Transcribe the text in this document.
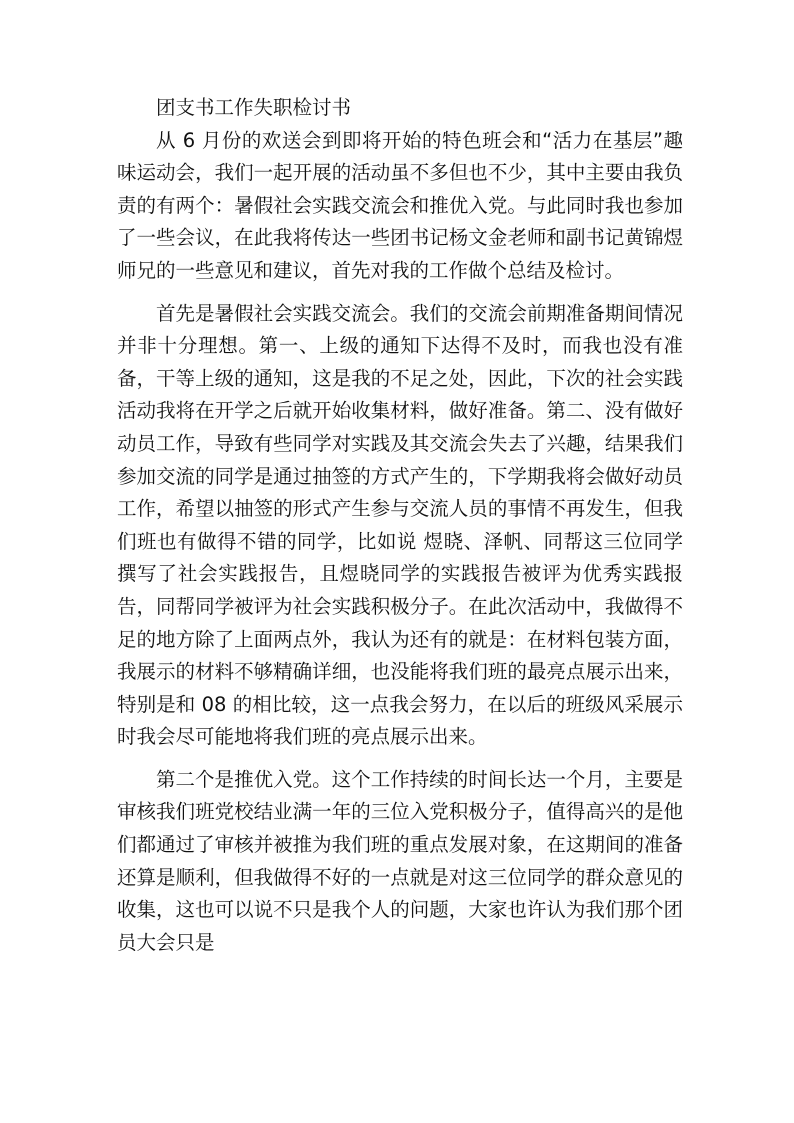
团支书工作失职检讨书

从 6 月份的欢送会到即将开始的特色班会和“活力在基层”趣味运动会，我们一起开展的活动虽不多但也不少，其中主要由我负责的有两个：暑假社会实践交流会和推优入党。与此同时我也参加了一些会议，在此我将传达一些团书记杨文金老师和副书记黄锦煜师兄的一些意见和建议，首先对我的工作做个总结及检讨。

首先是暑假社会实践交流会。我们的交流会前期准备期间情况并非十分理想。第一、上级的通知下达得不及时，而我也没有准备，干等上级的通知，这是我的不足之处，因此，下次的社会实践活动我将在开学之后就开始收集材料，做好准备。第二、没有做好动员工作，导致有些同学对实践及其交流会失去了兴趣，结果我们参加交流的同学是通过抽签的方式产生的，下学期我将会做好动员工作，希望以抽签的形式产生参与交流人员的事情不再发生，但我们班也有做得不错的同学，比如说 煜晓、泽帆、同帮这三位同学撰写了社会实践报告，且煜晓同学的实践报告被评为优秀实践报告，同帮同学被评为社会实践积极分子。在此次活动中，我做得不足的地方除了上面两点外，我认为还有的就是：在材料包装方面，我展示的材料不够精确详细，也没能将我们班的最亮点展示出来，特别是和 08 的相比较，这一点我会努力，在以后的班级风采展示时我会尽可能地将我们班的亮点展示出来。

第二个是推优入党。这个工作持续的时间长达一个月，主要是审核我们班党校结业满一年的三位入党积极分子，值得高兴的是他们都通过了审核并被推为我们班的重点发展对象，在这期间的准备还算是顺利，但我做得不好的一点就是对这三位同学的群众意见的收集，这也可以说不只是我个人的问题，大家也许认为我们那个团员大会只是
